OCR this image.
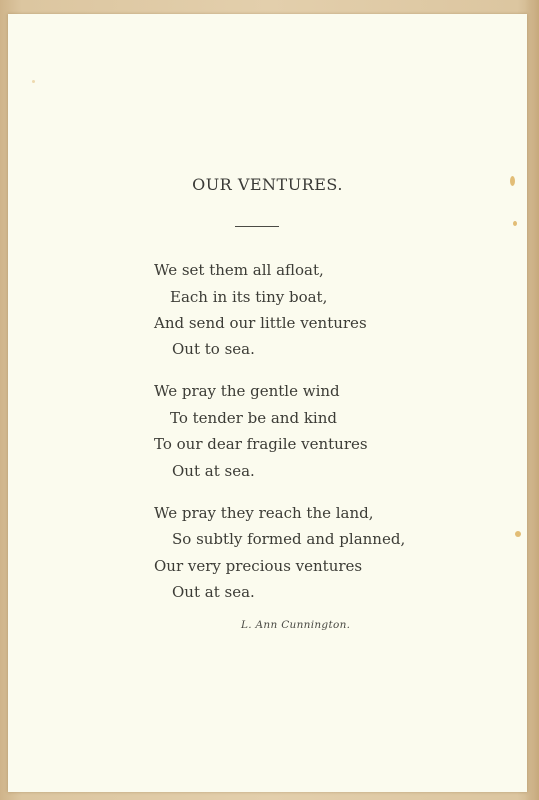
OUR VENTURES.
We set them all afloat,
Each in its tiny boat,
And send our little ventures
Out to sea.
We pray the gentle wind
To tender be and kind
To our dear fragile ventures
Out at sea.
We pray they reach the land,
So subtly formed and planned,
Our very precious ventures
Out at sea.
L. Ann Cunnington.
